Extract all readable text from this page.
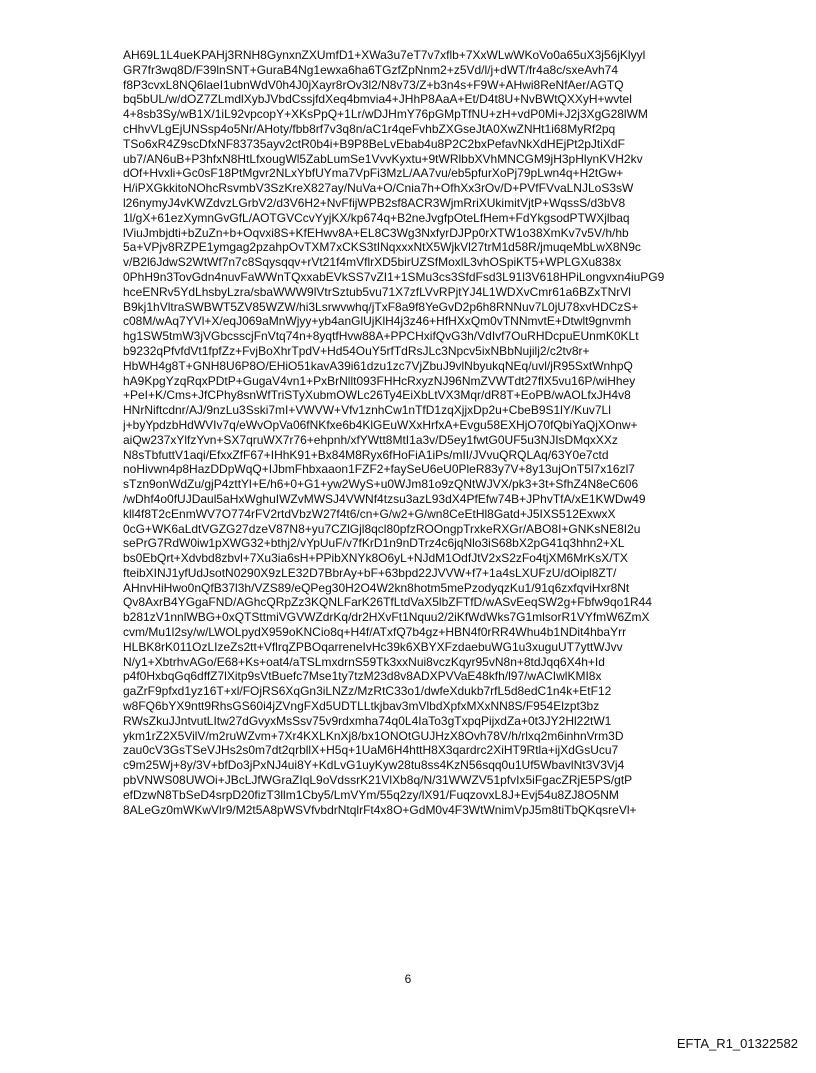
AH69L1L4ueKPAHj3RNH8GynxnZXUmfD1+XWa3u7eT7v7xflb+7XxWLwWKoVo0a65uX3j56jKlyyl
GR7fr3wq8D/F39lnSNT+GuraB4Ng1ewxa6ha6TGzfZpNnm2+z5Vd/l/j+dWT/fr4a8c/sxeAvh74
f8P3cvxL8NQ6laeI1ubnWdV0h4J0jXayr8rOv3l2/N8v73/Z+b3n4s+F9W+AHwi8ReNfAer/AGTQ
bq5bUL/w/dOZ7ZLmdlXybJVbdCssjfdXeq4bmvia4+JHhP8AaA+Et/D4t8U+NvBWtQXXyH+wvtel
4+8sb3Sy/wB1X/1iL92vpcopY+XKsPpQ+1Lr/wDJHmY76pGMpTfNU+zH+vdP0Mi+J2j3XgG28lWM
cHhvVLgEjUNSsp4o5Nr/AHoty/fbb8rf7v3q8n/aC1r4qeFvhbZXGseJtA0XwZNHt1i68MyRf2pq
TSo6xR4Z9scDfxNF83735ayv2ctR0b4i+B9P8BeLvEbab4u8P2C2bxPefavNkXdHEjPt2pJtiXdF
ub7/AN6uB+P3hfxN8HtLfxougWl5ZabLumSe1VvvKyxtu+9tWRlbbXVhMNCGM9jH3pHlynKVH2kv
dOf+Hvxli+Gc0sF18PtMgvr2NLxYbfUYma7VpFi3MzL/AA7vu/eb5pfurXoPj79pLwn4q+H2tGw+
H/iPXGkkitoNOhcRsvmbV3SzKreX827ay/NuVa+O/Cnia7h+OfhXx3rOv/D+PVfFVvaLNJLoS3sW
l26nymyJ4vKWZdvzLGrbV2/d3V6H2+NvFfijWPB2sf8ACR3WjmRriXUkimitVjtP+WqssS/d3bV8
1l/gX+61ezXymnGvGfL/AOTGVCcvYyjKX/kp674q+B2neJvgfpOteLfHem+FdYkgsodPTWXjlbaq
lViuJmbjdti+bZuZn+b+Oqvxi8S+KfEHwv8A+EL8C3Wg3NxfyrDJPp0rXTW1o38XmKv7v5V/h/hb
5a+VPjv8RZPE1ymgag2pzahpOvTXM7xCKS3tINqxxxNtX5WjkVl27trM1d58R/jmuqeMbLwX8N9c
v/B2l6JdwS2WtWf7n7c8Sqysqqv+rVt21f4mVflrXD5birUZSfMoxlL3vhOSpiKT5+WPLGXu838x
0PhH9n3TovGdn4nuvFaWWnTQxxabEVkSS7vZI1+1SMu3cs3SfdFsd3L91l3V618HPiLongvxn4iuPG9
hceENRv5YdLhsbyLzra/sbaWWW9lVtrSztub5vu71X7zfLVvRPjtYJ4L1WDXvCmr61a6BZxTNrVl
B9kj1hVltraSWBWT5ZV85WZW/hi3Lsrwvwhq/jTxF8a9f8YeGvD2p6h8RNNuv7L0jU78xvHDCzS+
c08M/wAq7YVl+X/eqJ069aMnWjyy+yb4anGlUjKlH4j3z46+HfHXxQm0vTNNmvtE+Dtwlt9gnvmh
hg1SW5tmW3jVGbcsscjFnVtq74n+8yqtfHvw88A+PPCHxifQvG3h/VdIvf7OuRHDcpuEUnmK0KLt
b9232qPfvfdVt1fpfZz+FvjBoXhrTpdV+Hd54OuY5rfTdRsJLc3Npcv5ixNBbNujilj2/c2tv8r+
HbWH4g8T+GNH8U6P8O/EHiO51kavA39i61dzu1zc7VjZbuJ9vlNbyukqNEq/uvl/jR95SxtWnhpQ
hA9KpgYzqRqxPDtP+GugaV4vn1+PxBrNllt093FHHcRxyzNJ96NmZVWTdt27flX5vu16P/wiHhey
+PeI+K/Cms+JfCPhy8snWfTriSTyXubmOWLc26Ty4EiXbLtVX3Mqr/dR8T+EoPB/wAOLfxJH4v8
HNrNiftcdnr/AJ/9nzLu3Sski7mI+VWVW+Vfv1znhCw1nTfD1zqXjjxDp2u+CbeB9S1lY/Kuv7Ll
j+byYpdzbHdWVIv7q/eWvOpVa06fNKfxe6b4KlGEuWXxHrfxA+Evgu58EXHjO70fQbiYaQjXOnw+
aiQw237xYlfzYvn+SX7qruWX7r76+ehpnh/xfYWtt8MtI1a3v/D5ey1fwtG0UF5u3NJIsDMqxXXz
N8sTbfuttV1aqi/EfxxZfF67+IHhK91+Bx84M8Ryx6fHoFiA1iPs/mII/JVvuQRQLAq/63Y0e7ctd
noHivwn4p8HazDDpWqQ+IJbmFhbxaaon1FZF2+faySeU6eU0PleR83y7V+8y13ujOnT5l7x16zl7
sTzn9onWdZu/gjP4zttYl+E/h6+0+G1+yw2WyS+u0WJm81o9zQNtWJVX/pk3+3t+SfhZ4N8eC606
/wDhf4o0fUJDaul5aHxWghuIWZvMWSJ4VWNf4tzsu3azL93dX4PfEfw74B+JPhvTfA/xE1KWDw49
kll4f8T2cEnmWV7O774rFV2rtdVbzW27f4t6/cn+G/w2+G/wn8CeEtHl8Gatd+J5IXS512ExwxX
0cG+WK6aLdtVGZG27dzeV87N8+yu7CZlGjl8qcl80pfzROOngpTrxkeRXGr/ABO8I+GNKsNE8I2u
sePrG7RdW0iw1pXWG32+bthj2/vYpUuF/v7fKrD1n9nDTrz4c6jqNlo3iS68bX2pG41q3hhn2+XL
bs0EbQrt+Xdvbd8zbvl+7Xu3ia6sH+PPibXNYk8O6yL+NJdM1OdfJtV2xS2zFo4tjXM6MrKsX/TX
fteibXINJ1yfUdJsotN0290X9zLE32D7BbrAy+bF+63bpd22JVVW+f7+1a4sLXUFzU/dOipl8ZT/
AHnvHiHwo0nQfB37l3h/VZS89/eQPeg30H2O4W2kn8hotm5mePzodyqzKu1/91q6zxfqviHxr8Nt
Qv8AxrB4YGgaFND/AGhcQRpZz3KQNLFarK26TfLtdVaX5lbZFTfD/wASvEeqSW2g+Fbfw9qo1R44
b281zV1nnlWBG+0xQTSttmiVGVWZdrKq/dr2HXvFt1Nquu2/2iKfWdWks7G1mlsorR1VYfmW6ZmX
cvm/Mu1l2sy/w/LWOLpydX959oKNCio8q+H4f/ATxfQ7b4gz+HBN4f0rRR4Whu4b1NDit4hbaYrr
HLBK8rK011OzLIzeZs2tt+VflrqZPBOqarreneIvHc39k6XBYXFzdaebuWG1u3xuguUT7yttWJvv
N/y1+XbtrhvAGo/E68+Ks+oat4/aTSLmxdrnS59Tk3xxNui8vczKqyr95vN8n+8tdJqq6X4h+Id
p4f0HxbqGq6dffZ7lXitp9sVtBuefc7Mse1ty7tzM23d8v8ADXPVVaE48kfh/l97/wACIwlKMI8x
gaZrF9pfxd1yz16T+xl/FOjRS6XqGn3iLNZz/MzRtC33o1/dwfeXdukb7rfL5d8edC1n4k+EtF12
w8FQ6bYX9ntt9RhsGS60i4jZVngFXd5UDTLLtkjbav3mVlbdXpfxMXxNN8S/F954Elzpt3bz
RWsZkuJJntvutLItw27dGvyxMsSsv75v9rdxmha74q0L4IaTo3gTxpqPijxdZa+0t3JY2Hl22tW1
ykm1rZ2X5VilV/m2ruWZvm+7Xr4KXLKnXj8/bx1ONOtGUJHzX8Ovh78V/h/rlxq2m6inhnVrm3D
zau0cV3GsTSeVJHs2s0m7dt2qrbllX+H5q+1UaM6H4httH8X3qardrc2XiHT9Rtla+ijXdGsUcu7
c9m25Wj+8y/3V+bfDo3jPxNJ4ui8Y+KdLvG1uyKyw28tu8ss4KzN56sqq0u1Uf5WbavlNt3V3Vj4
pbVNWS08UWOi+JBcLJfWGraZIqL9oVdssrK21VlXb8q/N/31WWZV51pfvIx5iFgacZRjE5PS/gtP
efDzwN8TbSeD4srpD20fizT3llm1Cby5/LmVYm/55q2zy/lX91/FuqzovxL8J+Evj54u8ZJ8O5NM
8ALeGz0mWKwVlr9/M2t5A8pWSVfvbdrNtqlrFt4x8O+GdM0v4F3WtWnimVpJ5m8tiTbQKqsreVl+
6
EFTA_R1_01322582
